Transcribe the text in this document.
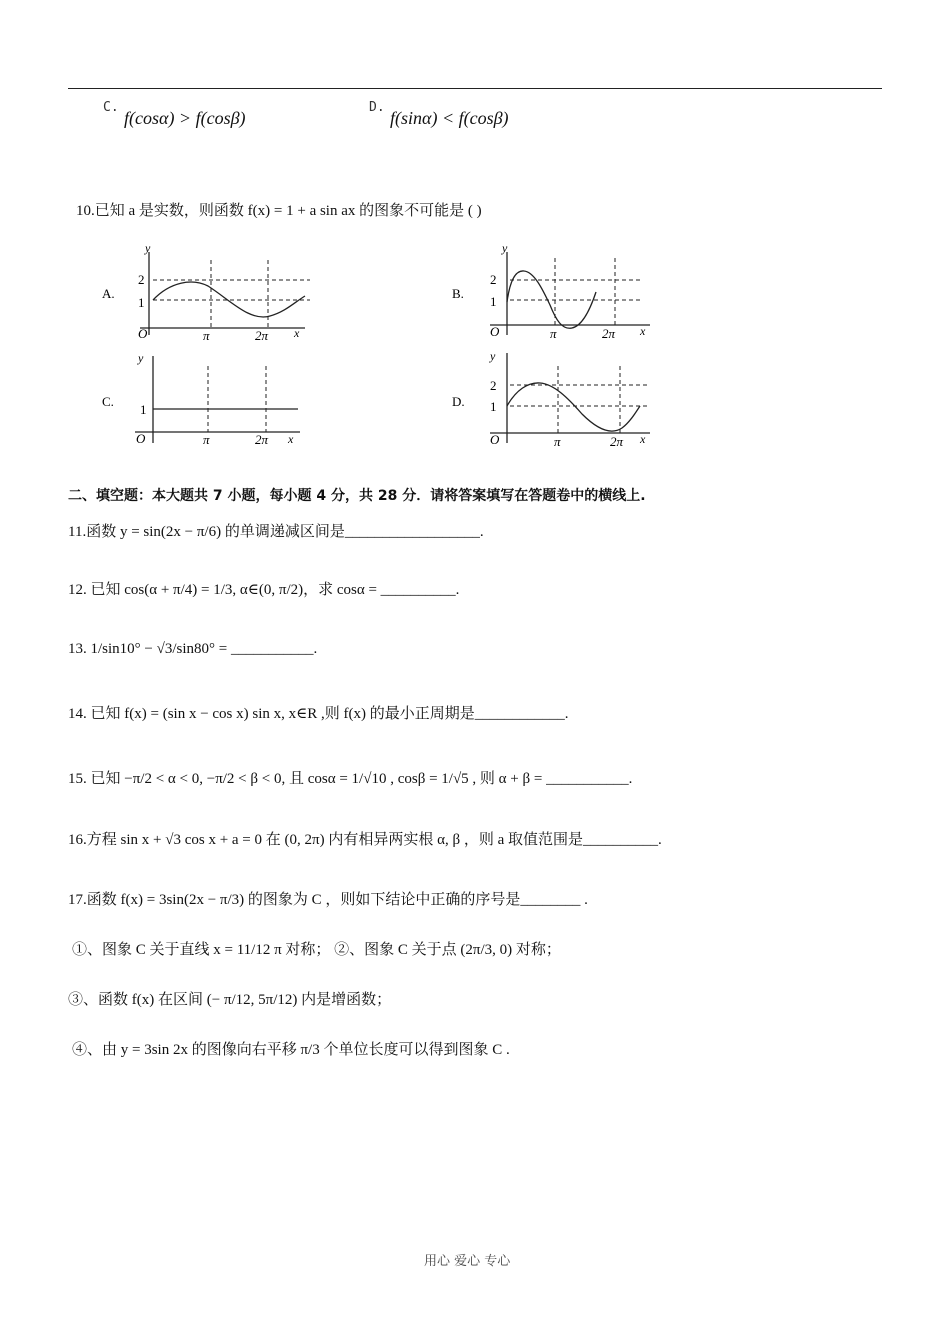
C.
f(cosα) > f(cosβ)
D.
f(sinα) < f(cosβ)
10.已知 a 是实数，则函数 f(x) = 1 + a sin ax 的图象不可能是 ( )
A.
y
x
O
2
1
π	2π
B.
y
x
O
2
1
π	2π
C.
y
x
O
1
π	2π
D.
y
x
O
2
1
π	2π
二、填空题：本大题共 7 小题，每小题 4 分，共 28 分．请将答案填写在答题卷中的横线上.
11.函数 y = sin(2x − π/6) 的单调递减区间是__________________.
12. 已知 cos(α + π/4) = 1/3, α∈(0, π/2)，求 cosα = __________.
13. 1/sin10° − √3/sin80° = ___________.
14. 已知 f(x) = (sin x − cos x) sin x, x∈R ,则 f(x) 的最小正周期是____________.
15. 已知 −π/2 < α < 0, −π/2 < β < 0, 且 cosα = 1/√10 , cosβ = 1/√5 , 则 α + β = ___________.
16.方程 sin x + √3 cos x + a = 0 在 (0, 2π) 内有相异两实根 α, β ，则 a 取值范围是__________.
17.函数 f(x) = 3sin(2x − π/3) 的图象为 C ，则如下结论中正确的序号是________ .
①、图象 C 关于直线 x = 11/12 π 对称； ②、图象 C 关于点 (2π/3, 0) 对称；
③、函数 f(x) 在区间 (− π/12, 5π/12) 内是增函数；
④、由 y = 3sin 2x 的图像向右平移 π/3 个单位长度可以得到图象 C .
用心 爱心 专心
